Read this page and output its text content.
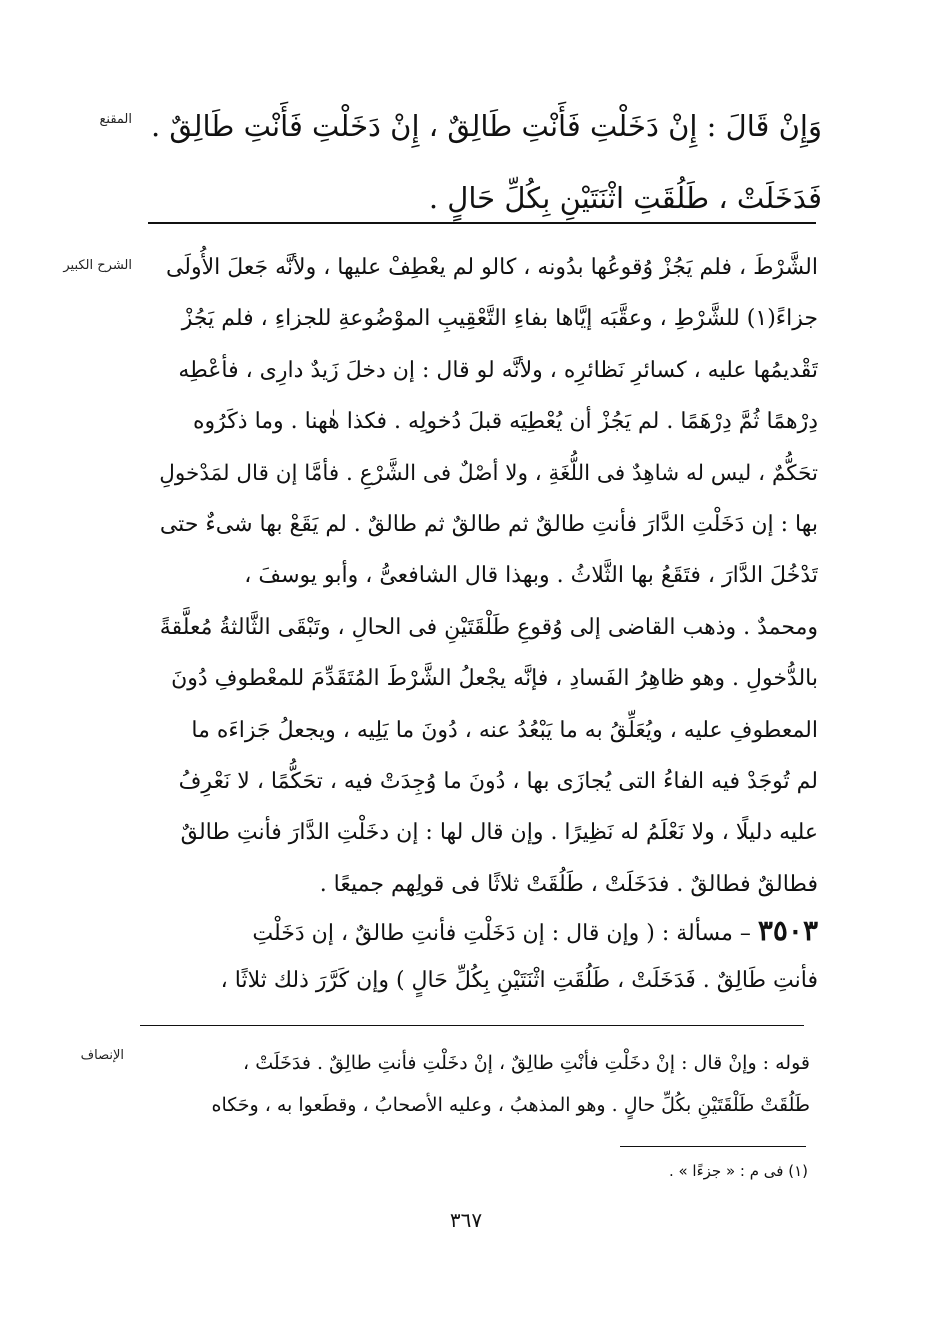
المقنع وَإِنْ قَالَ : إِنْ دَخَلْتِ فَأَنْتِ طَالِقٌ ، إِنْ دَخَلْتِ فَأَنْتِ طَالِقٌ .
فَدَخَلَتْ ، طَلُقَتِ اثْنَتَيْنِ بِكُلِّ حَالٍ .
الشرح الكبير	الشَّرْطَ ، فلم يَجُزْ وُقوعُها بدُونه ، كالو لم يعْطِفْ عليها ، ولأنَّه جَعلَ الأُولَى
جزاءً(١) للشَّرْطِ ، وعقَّبَه إيَّاها بفاءِ التَّعْقِيبِ الموْضُوعةِ للجزاءِ ، فلم يَجُزْ
تَقْديمُها عليه ، كسائرِ نَظائرِه ، ولأنَّه لو قال : إن دخلَ زَيدٌ دارِى ، فأعْطِه
دِرْهمًا ثُمَّ دِرْهَمًا . لم يَجُزْ أن يُعْطِيَه قبلَ دُخولِه . فكذا هٰهنا . وما ذكَرُوه
تحَكُّمٌ ، ليس له شاهِدٌ فى اللُّغَةِ ، ولا أصْلٌ فى الشَّرْعِ . فأمَّا إن قال لمَدْخولِ
بها : إن دَخَلْتِ الدَّارَ فأنتِ طالقٌ ثم طالقٌ ثم طالقٌ . لم يَقَعْ بها شىءٌ حتى
تَدْخُلَ الدَّارَ ، فتَقَعُ بها الثَّلاثُ . وبهذا قال الشافعىُّ ، وأبو يوسفَ ،
ومحمدٌ . وذهب القاضى إلى وُقوعِ طَلْقَتَيْنِ فى الحالِ ، وتَبْقَى الثَّالثةُ مُعلَّقةً
بالدُّخولِ . وهو ظاهِرُ الفَسادِ ، فإنَّه يجْعلُ الشَّرْطَ المُتَقَدِّمَ للمعْطوفِ دُونَ
المعطوفِ عليه ، ويُعَلِّقُ به ما يَبْعُدُ عنه ، دُونَ ما يَلِيه ، ويجعلُ جَزاءَه ما
لم تُوجَدْ فيه الفاءُ التى يُجازَى بها ، دُونَ ما وُجِدَتْ فيه ، تحَكُّمًا ، لا نَعْرِفُ
عليه دليلًا ، ولا نَعْلَمُ له نَظِيرًا . وإن قال لها : إن دخَلْتِ الدَّارَ فأنتِ طالقٌ
فطالقٌ فطالقٌ . فدَخَلَتْ ، طَلُقَتْ ثلاثًا فى قولِهم جميعًا .
٣٥٠٣ – مسألة : ( وإن قال : إن دَخَلْتِ فأنتِ طالقٌ ، إن دَخَلْتِ
فأنتِ طَالِقٌ . فَدَخَلَتْ ، طَلُقَتِ اثْنَتَيْنِ بِكُلِّ حَالٍ ) وإن كَرَّرَ ذلك ثلاثًا ،
الإنصاف	قوله : وإنْ قال : إنْ دخَلْتِ فأنْتِ طالِقٌ ، إنْ دخَلْتِ فأنتِ طالِقٌ . فدَخَلَتْ ،
طَلُقَتْ طَلْقَتَيْنِ بكُلِّ حالٍ . وهو المذهبُ ، وعليه الأصحابُ ، وقطَعوا به ، وحَكاه
(١) فى م : « جزءًا » .
٣٦٧
